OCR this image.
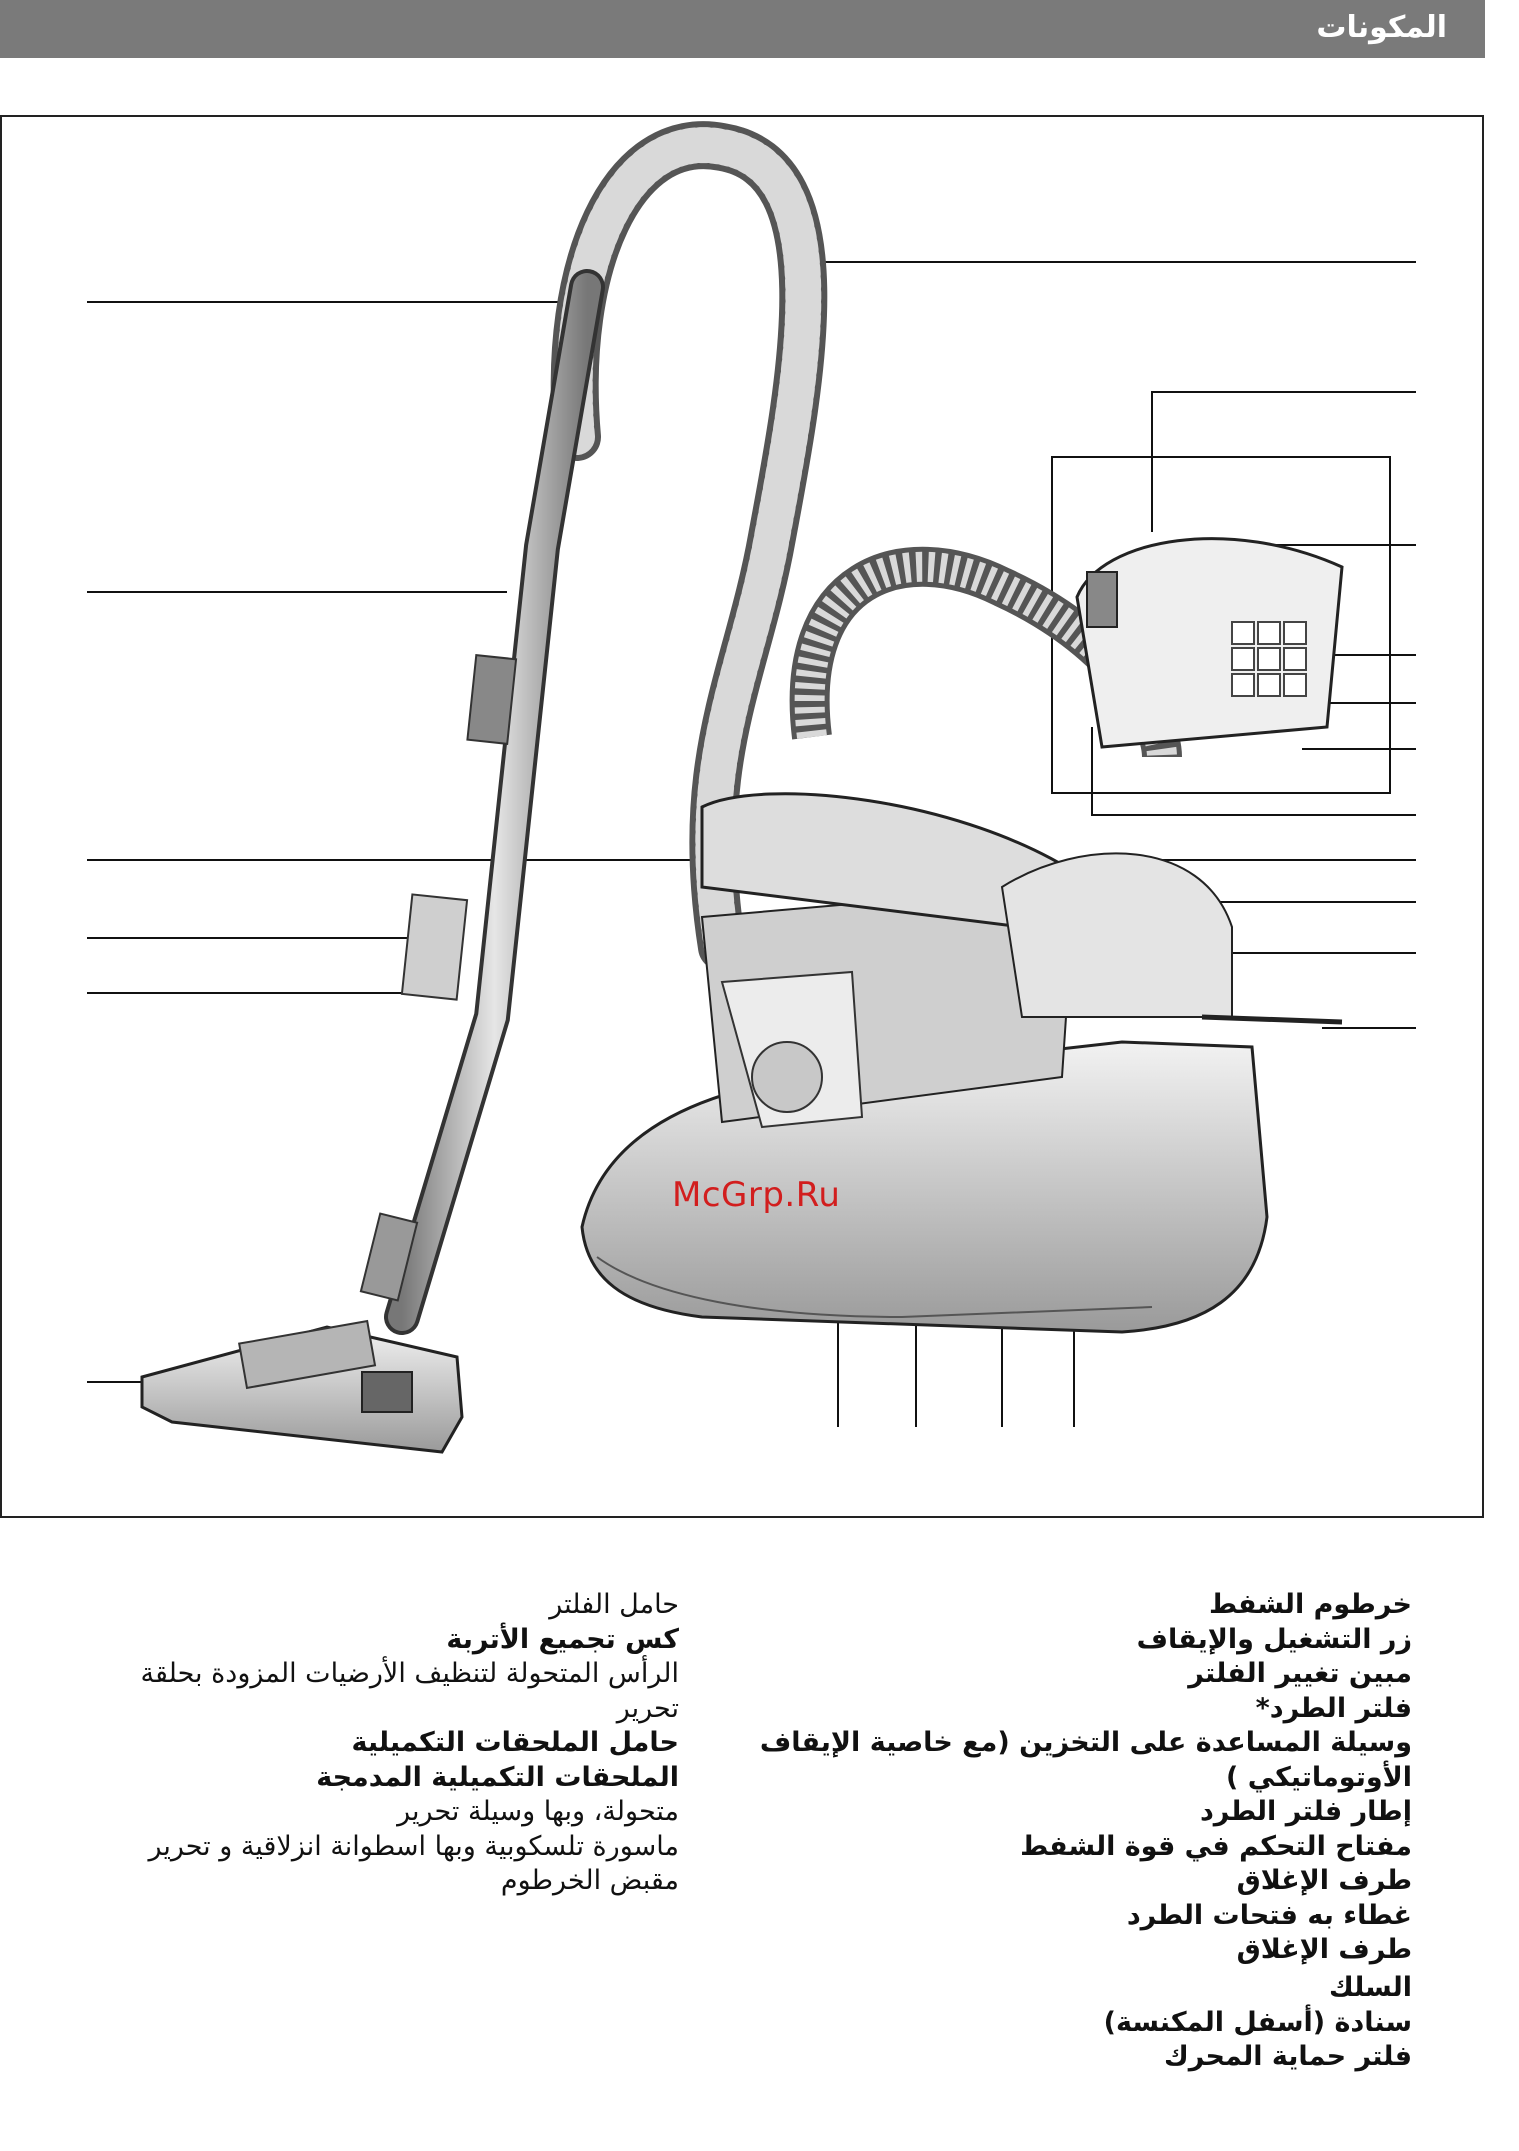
المكونات
McGrp.Ru
خرطوم الشفط
زر التشغيل والإيقاف
مبين تغيير الفلتر
فلتر الطرد*
وسيلة المساعدة على التخزين (مع خاصية الإيقاف الأوتوماتيكي )
إطار فلتر الطرد
مفتاح التحكم في قوة الشفط
طرف الإغلاق
غطاء به فتحات الطرد
طرف الإغلاق
السلك
سنادة (أسفل المكنسة)
فلتر حماية المحرك
حامل الفلتر
كس تجميع الأتربة
الرأس المتحولة لتنظيف الأرضيات المزودة بحلقة تحرير
حامل الملحقات التكميلية
الملحقات التكميلية المدمجة
متحولة، وبها وسيلة تحرير
ماسورة تلسكوبية وبها اسطوانة انزلاقية و تحرير
مقبض الخرطوم
